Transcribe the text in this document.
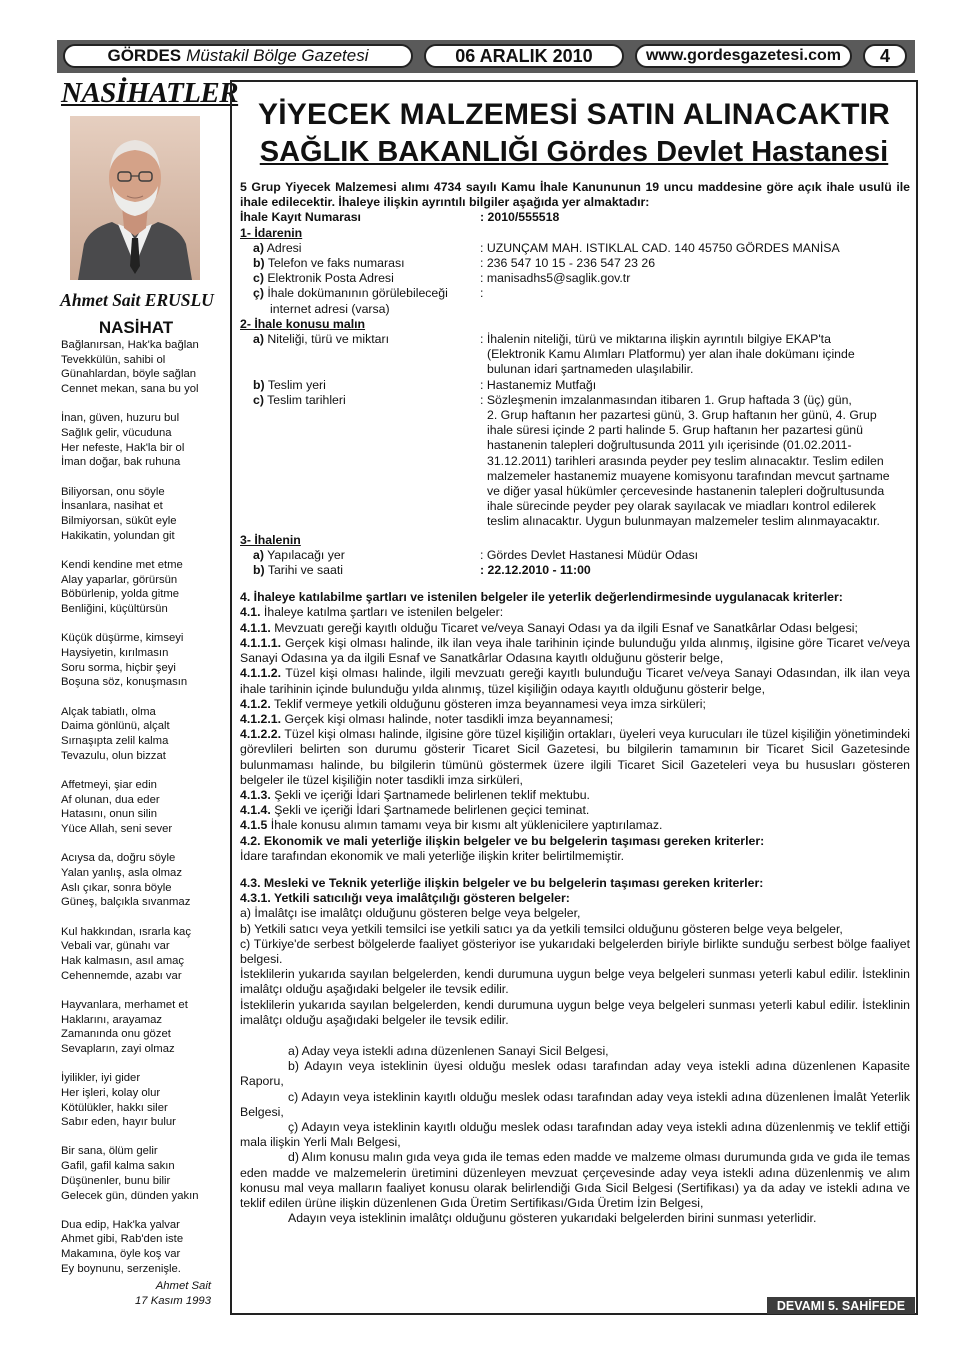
GÖRDES Müstakil Bölge Gazetesi	06 ARALIK 2010	www.gordesgazetesi.com	4
NASİHATLER
Ahmet Sait ERUSLU
NASİHAT
Bağlanırsan, Hak'ka bağlan
Tevekkülün, sahibi ol
Günahlardan, böyle sağlan
Cennet mekan, sana bu yol
İnan, güven, huzuru bul
Sağlık gelir, vücuduna
Her nefeste, Hak'la bir ol
İman doğar, bak ruhuna
Biliyorsan, onu söyle
İnsanlara, nasihat et
Bilmiyorsan, sükût eyle
Hakikatin, yolundan git
Kendi kendine met etme
Alay yaparlar, görürsün
Böbürlenip, yolda gitme
Benliğini, küçültürsün
Küçük düşürme, kimseyi
Haysiyetin, kırılmasın
Soru sorma, hiçbir şeyi
Boşuna söz, konuşmasın
Alçak tabiatlı, olma
Daima gönlünü, alçalt
Sırnaşıpta zelil kalma
Tevazulu, olun bizzat
Affetmeyi, şiar edin
Af olunan, dua eder
Hatasını, onun silin
Yüce Allah, seni sever
Acıysa da, doğru söyle
Yalan yanlış, asla olmaz
Aslı çıkar, sonra böyle
Güneş, balçıkla sıvanmaz
Kul hakkından, ısrarla kaç
Vebali var, günahı var
Hak kalmasın, asıl amaç
Cehennemde, azabı var
Hayvanlara, merhamet et
Haklarını, arayamaz
Zamanında onu gözet
Sevapların, zayi olmaz
İyilikler, iyi gider
Her işleri, kolay olur
Kötülükler, hakkı siler
Sabır eden, hayır bulur
Bir sana, ölüm gelir
Gafil, gafil kalma sakın
Düşünenler, bunu bilir
Gelecek gün, dünden yakın
Dua edip, Hak'ka yalvar
Ahmet gibi, Rab'den iste
Makamına, öyle koş var
Ey boynunu, serzenişle.
Ahmet Sait
17 Kasım 1993
YİYECEK MALZEMESİ SATIN ALINACAKTIR
SAĞLIK BAKANLIĞI Gördes Devlet Hastanesi
5 Grup Yiyecek Malzemesi alımı 4734 sayılı Kamu İhale Kanununun 19 uncu maddesine göre açık ihale usulü ile ihale edilecektir. İhaleye ilişkin ayrıntılı bilgiler aşağıda yer almaktadır:
İhale Kayıt Numarası	: 2010/555518
1- İdarenin
a) Adresi	: UZUNÇAM MAH. ISTIKLAL CAD. 140 45750 GÖRDES MANİSA
b) Telefon ve faks numarası	: 236 547 10 15 - 236 547 23 26
c) Elektronik Posta Adresi	: manisadhs5@saglik.gov.tr
ç) İhale dokümanının görülebileceği
internet adresi (varsa)
:
2- İhale konusu malın
a) Niteliği, türü ve miktarı	: İhalenin niteliği, türü ve miktarına ilişkin ayrıntılı bilgiye EKAP'ta
(Elektronik Kamu Alımları Platformu) yer alan ihale dokümanı içinde
bulunan idari şartnameden ulaşılabilir.
b) Teslim yeri	: Hastanemiz Mutfağı
c) Teslim tarihleri	: Sözleşmenin imzalanmasından itibaren 1. Grup haftada 3 (üç) gün,
2. Grup haftanın her pazartesi günü, 3. Grup haftanın her günü, 4. Grup ihale süresi içinde 2 parti halinde 5. Grup haftanın her pazartesi günü hastanenin talepleri doğrultusunda 2011 yılı içerisinde (01.02.2011-31.12.2011) tarihleri arasında peyder pey teslim alınacaktır. Teslim edilen malzemeler hastanemiz muayene komisyonu tarafından mevcut şartname ve diğer yasal hükümler çercevesinde hastanenin talepleri doğrultusunda ihale sürecinde peyder pey olarak sayılacak ve miadları kontrol edilerek teslim alınacaktır. Uygun bulunmayan malzemeler teslim alınmayacaktır.
3- İhalenin
a) Yapılacağı yer	: Gördes Devlet Hastanesi Müdür Odası
b) Tarihi ve saati	: 22.12.2010 - 11:00
4. İhaleye katılabilme şartları ve istenilen belgeler ile yeterlik değerlendirmesinde uygulanacak kriterler:
4.1. İhaleye katılma şartları ve istenilen belgeler:
4.1.1. Mevzuatı gereği kayıtlı olduğu Ticaret ve/veya Sanayi Odası ya da ilgili Esnaf ve Sanatkârlar Odası belgesi;
4.1.1.1. Gerçek kişi olması halinde, ilk ilan veya ihale tarihinin içinde bulunduğu yılda alınmış, ilgisine göre Ticaret ve/veya Sanayi Odasına ya da ilgili Esnaf ve Sanatkârlar Odasına kayıtlı olduğunu gösterir belge,
4.1.1.2. Tüzel kişi olması halinde, ilgili mevzuatı gereği kayıtlı bulunduğu Ticaret ve/veya Sanayi Odasından, ilk ilan veya ihale tarihinin içinde bulunduğu yılda alınmış, tüzel kişiliğin odaya kayıtlı olduğunu gösterir belge,
4.1.2. Teklif vermeye yetkili olduğunu gösteren imza beyannamesi veya imza sirküleri;
4.1.2.1. Gerçek kişi olması halinde, noter tasdikli imza beyannamesi;
4.1.2.2. Tüzel kişi olması halinde, ilgisine göre tüzel kişiliğin ortakları, üyeleri veya kurucuları ile tüzel kişiliğin yönetimindeki görevlileri belirten son durumu gösterir Ticaret Sicil Gazetesi, bu bilgilerin tamamının bir Ticaret Sicil Gazetesinde bulunmaması halinde, bu bilgilerin tümünü göstermek üzere ilgili Ticaret Sicil Gazeteleri veya bu hususları gösteren belgeler ile tüzel kişiliğin noter tasdikli imza sirküleri,
4.1.3. Şekli ve içeriği İdari Şartnamede belirlenen teklif mektubu.
4.1.4. Şekli ve içeriği İdari Şartnamede belirlenen geçici teminat.
4.1.5 İhale konusu alımın tamamı veya bir kısmı alt yüklenicilere yaptırılamaz.
4.2. Ekonomik ve mali yeterliğe ilişkin belgeler ve bu belgelerin taşıması gereken kriterler:
İdare tarafından ekonomik ve mali yeterliğe ilişkin kriter belirtilmemiştir.
4.3. Mesleki ve Teknik yeterliğe ilişkin belgeler ve bu belgelerin taşıması gereken kriterler:
4.3.1. Yetkili satıcılığı veya imalâtçılığı gösteren belgeler:
a) İmalâtçı ise imalâtçı olduğunu gösteren belge veya belgeler,
b) Yetkili satıcı veya yetkili temsilci ise yetkili satıcı ya da yetkili temsilci olduğunu gösteren belge veya belgeler,
c) Türkiye'de serbest bölgelerde faaliyet gösteriyor ise yukarıdaki belgelerden biriyle birlikte sunduğu serbest bölge faaliyet belgesi.
İsteklilerin yukarıda sayılan belgelerden, kendi durumuna uygun belge veya belgeleri sunması yeterli kabul edilir. İsteklinin imalâtçı olduğu aşağıdaki belgeler ile tevsik edilir.
İsteklilerin yukarıda sayılan belgelerden, kendi durumuna uygun belge veya belgeleri sunması yeterli kabul edilir. İsteklinin imalâtçı olduğu aşağıdaki belgeler ile tevsik edilir.
a) Aday veya istekli adına düzenlenen Sanayi Sicil Belgesi,
b) Adayın veya isteklinin üyesi olduğu meslek odası tarafından aday veya istekli adına düzenlenen Kapasite Raporu,
c) Adayın veya isteklinin kayıtlı olduğu meslek odası tarafından aday veya istekli adına düzenlenen İmalât Yeterlik Belgesi,
ç) Adayın veya isteklinin kayıtlı olduğu meslek odası tarafından aday veya istekli adına düzenlenmiş ve teklif ettiği mala ilişkin Yerli Malı Belgesi,
d) Alım konusu malın gıda veya gıda ile temas eden madde ve malzeme olması durumunda gıda ve gıda ile temas eden madde ve malzemelerin üretimini düzenleyen mevzuat çerçevesinde aday veya istekli adına düzenlenmiş ve alım konusu mal veya malların faaliyet konusu olarak belirlendiği Gıda Sicil Belgesi (Sertifikası) ya da aday ve istekli adına ve teklif edilen ürüne ilişkin düzenlenen Gıda Üretim Sertifikası/Gıda Üretim İzin Belgesi,
Adayın veya isteklinin imalâtçı olduğunu gösteren yukarıdaki belgelerden birini sunması yeterlidir.
DEVAMI 5. SAHİFEDE
